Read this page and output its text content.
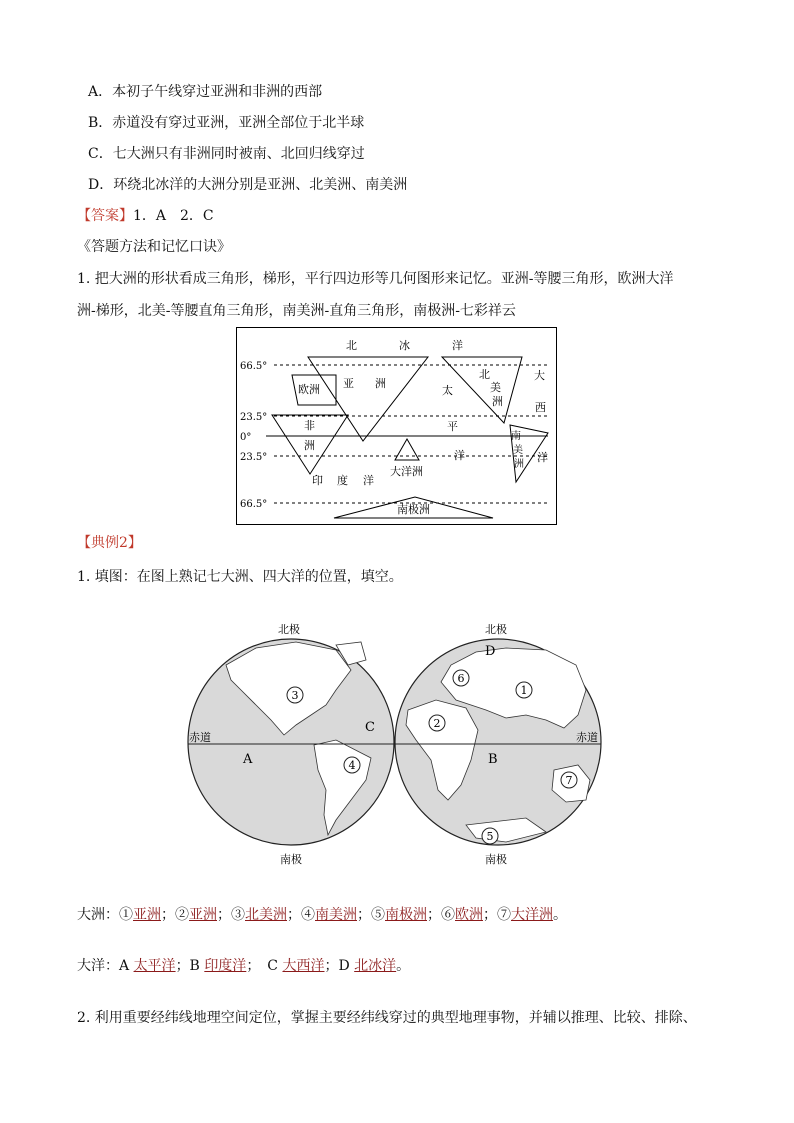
A．本初子午线穿过亚洲和非洲的西部
B．赤道没有穿过亚洲，亚洲全部位于北半球
C．七大洲只有非洲同时被南、北回归线穿过
D．环绕北冰洋的大洲分别是亚洲、北美洲、南美洲
【答案】1．A　2．C
《答题方法和记忆口诀》
1. 把大洲的形状看成三角形，梯形，平行四边形等几何图形来记忆。亚洲-等腰三角形，欧洲大洋
洲-梯形，北美-等腰直角三角形，南美洲-直角三角形，南极洲-七彩祥云
66.5°
23.5°
0°
23.5°
66.5°
北	冰	洋
欧洲 亚 洲
太
北
美
洲
大
西
非
洲
平
洋
南
美
洲
洋
大洋洲
印 度 洋
南极洲
【典例2】
1. 填图：在图上熟记七大洲、四大洋的位置，填空。
北极	北极
南极	南极
赤道	赤道
A	B
C
D
3
4
1
2
6
7
5
大洲：①亚洲；②亚洲；③北美洲；④南美洲；⑤南极洲；⑥欧洲；⑦大洋洲。
大洋：A 太平洋；B 印度洋；　C 大西洋；D 北冰洋。
2. 利用重要经纬线地理空间定位，掌握主要经纬线穿过的典型地理事物，并辅以推理、比较、排除、
